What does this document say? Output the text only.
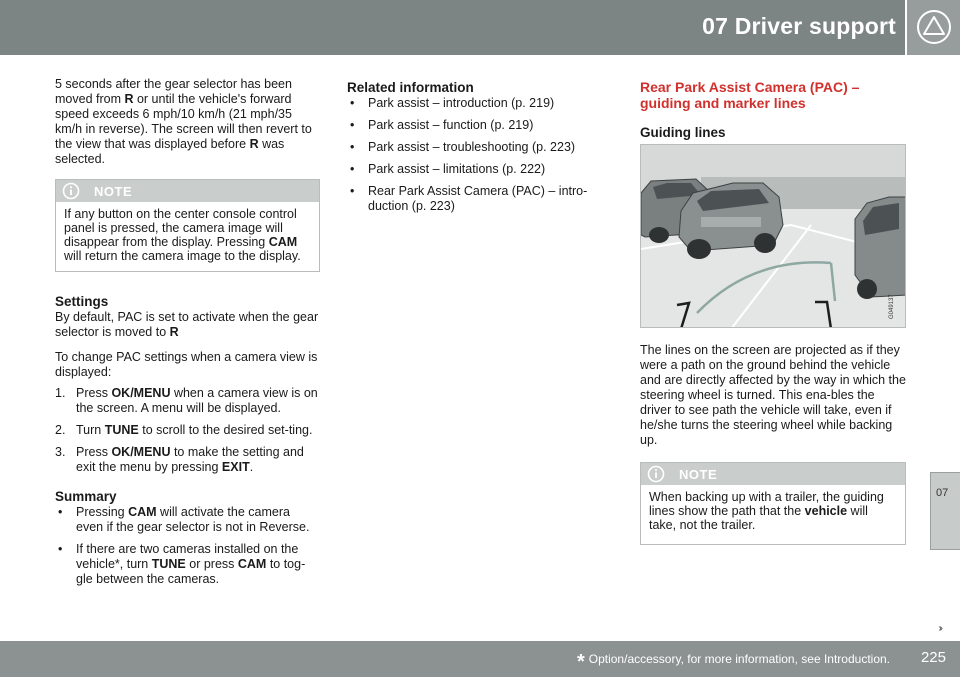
07 Driver support

5 seconds after the gear selector has been moved from R or until the vehicle's forward speed exceeds 6 mph/10 km/h (21 mph/35 km/h in reverse). The screen will then revert to the view that was displayed before R was selected.

NOTE
If any button on the center console control panel is pressed, the camera image will disappear from the display. Pressing CAM will return the camera image to the display.
Settings

By default, PAC is set to activate when the gear selector is moved to R

To change PAC settings when a camera view is displayed:

1. Press OK/MENU when a camera view is on the screen. A menu will be displayed.
2. Turn TUNE to scroll to the desired set-ting.
3. Press OK/MENU to make the setting and exit the menu by pressing EXIT.
Summary
• Pressing CAM will activate the camera even if the gear selector is not in Reverse.
• If there are two cameras installed on the vehicle*, turn TUNE or press CAM to tog-gle between the cameras.
Related information
• Park assist – introduction (p. 219)
• Park assist – function (p. 219)
• Park assist – troubleshooting (p. 223)
• Park assist – limitations (p. 222)
• Rear Park Assist Camera (PAC) – intro-duction (p. 223)
Rear Park Assist Camera (PAC) – guiding and marker lines
Guiding lines
G049137

The lines on the screen are projected as if they were a path on the ground behind the vehicle and are directly affected by the way in which the steering wheel is turned. This ena-bles the driver to see path the vehicle will take, even if he/she turns the steering wheel while backing up.

NOTE
When backing up with a trailer, the guiding lines show the path that the vehicle will take, not the trailer.
07
››
* Option/accessory, for more information, see Introduction. 225
